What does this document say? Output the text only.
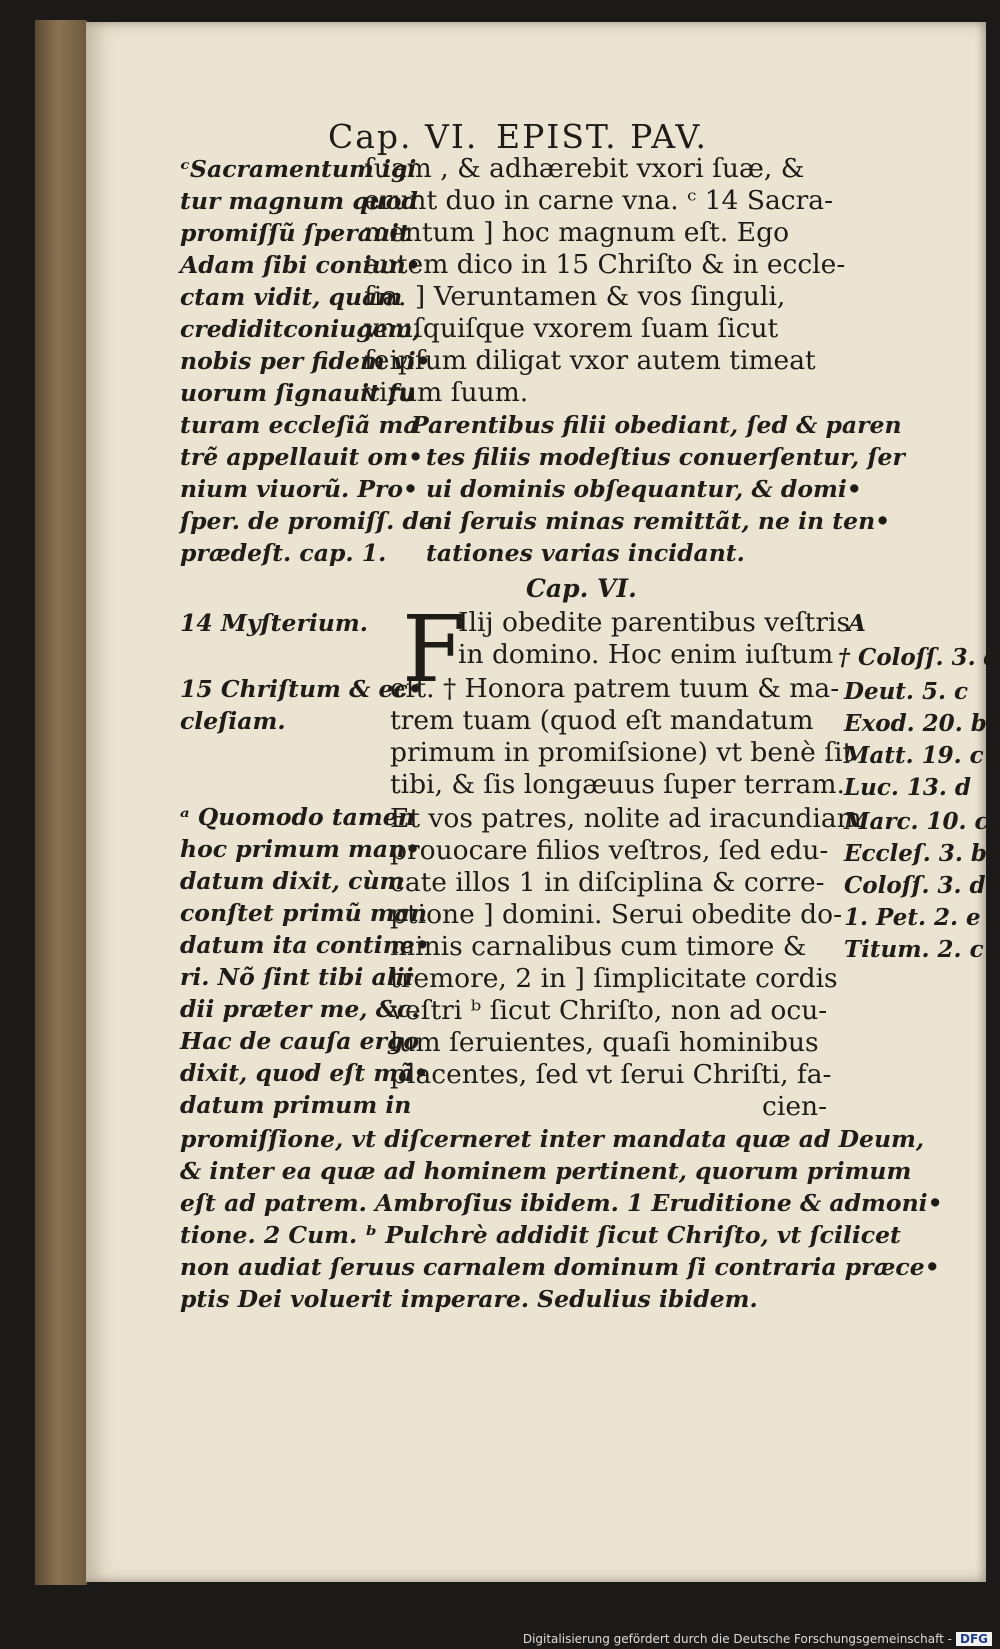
Cap. VI. EPIST. PAV.
ᶜSacramentum igi
tur magnum quod
promiſſũ ſperauit
Adam ſibi coniun•
ctam vidit, quam
crediditconiugem,
nobis per fidem vi•
uorum ſignauit fu
turam eccleſiã ma
ſuam , & adhærebit vxori ſuæ, &
erunt duo in carne vna. ᶜ 14 Sacra-
mentum ] hoc magnum eſt. Ego
autem dico in 15 Chriſto & in eccle-
ſia. ] Veruntamen & vos ſinguli,
vnuſquiſque vxorem ſuam ſicut
ſeipſum diligat vxor autem timeat
virum ſuum.
trẽ appellauit om•
nium viuorũ. Pro•
ſper. de promiſſ. de
prædeſt. cap. 1.
Parentibus filii obediant, ſed & paren
tes filiis modeſtius conuerſentur, ſer
ui dominis obſequantur, & domi•
ni ſeruis minas remittãt, ne in ten•
tationes varias incidant.
Cap. VI.
14 Myſterium.
15 Chriſtum & ec•
cleſiam.
F
Ilij obedite parentibus veſtris
in domino. Hoc enim iuſtum
eſt. † Honora patrem tuum & ma-
trem tuam (quod eſt mandatum
primum in promiſsione) vt benè ſit
tibi, & ſis longæuus ſuper terram.
Et vos patres, nolite ad iracundiam
prouocare filios veſtros, ſed edu-
cate illos 1 in diſciplina & corre-
ptione ] domini. Serui obedite do-
minis carnalibus cum timore &
tremore, 2 in ] ſimplicitate cordis
veſtri ᵇ ſicut Chriſto, non ad ocu-
lum ſeruientes, quaſi hominibus
placentes, ſed vt ſerui Chriſti, fa-
cien-
ᵃ Quomodo tamen
hoc primum man•
datum dixit, cùm
conſtet primũ man
datum ita contine•
ri. Nõ ſint tibi alii
dii præter me, &c.
Hac de cauſa ergo
dixit, quod eſt mã•
datum primum in
A
† Coloſſ. 3. d
Deut. 5. c
Exod. 20. b
Matt. 19. c
Luc. 13. d
Marc. 10. c
Eccleſ. 3. b
Coloſſ. 3. d
1. Pet. 2. e
Titum. 2. c
promiſſione, vt diſcerneret inter mandata quæ ad Deum,
& inter ea quæ ad hominem pertinent, quorum primum
eſt ad patrem. Ambroſius ibidem. 1 Eruditione & admoni•
tione. 2 Cum. ᵇ Pulchrè addidit ſicut Chriſto, vt ſcilicet
non audiat ſeruus carnalem dominum ſi contraria præce•
ptis Dei voluerit imperare. Sedulius ibidem.
Digitalisierung gefördert durch die Deutsche Forschungsgemeinschaft - DFG
